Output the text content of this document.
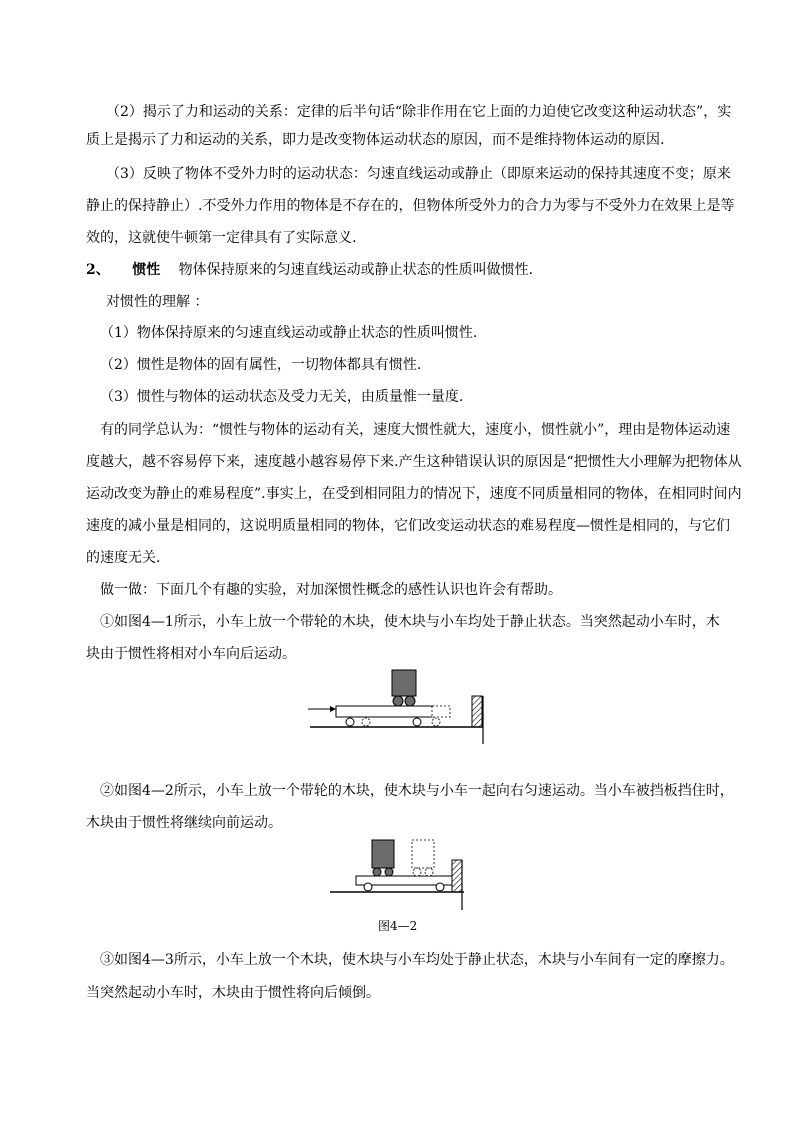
（2）揭示了力和运动的关系：定律的后半句话“除非作用在它上面的力迫使它改变这种运动状态”，实
质上是揭示了力和运动的关系，即力是改变物体运动状态的原因，而不是维持物体运动的原因.
（3）反映了物体不受外力时的运动状态：匀速直线运动或静止（即原来运动的保持其速度不变；原来
静止的保持静止）.不受外力作用的物体是不存在的，但物体所受外力的合力为零与不受外力在效果上是等
效的，这就使牛顿第一定律具有了实际意义.
2、 惯性 物体保持原来的匀速直线运动或静止状态的性质叫做惯性.
对惯性的理解 ：
（1）物体保持原来的匀速直线运动或静止状态的性质叫惯性.
（2）惯性是物体的固有属性，一切物体都具有惯性.
（3）惯性与物体的运动状态及受力无关，由质量惟一量度.
有的同学总认为：“惯性与物体的运动有关，速度大惯性就大，速度小，惯性就小”，理由是物体运动速
度越大，越不容易停下来，速度越小越容易停下来.产生这种错误认识的原因是“把惯性大小理解为把物体从
运动改变为静止的难易程度”.事实上，在受到相同阻力的情况下，速度不同质量相同的物体，在相同时间内
速度的减小量是相同的，这说明质量相同的物体，它们改变运动状态的难易程度—惯性是相同的，与它们
的速度无关.
做一做：下面几个有趣的实验，对加深惯性概念的感性认识也许会有帮助。
①如图4—1所示，小车上放一个带轮的木块，使木块与小车均处于静止状态。当突然起动小车时，木
块由于惯性将相对小车向后运动。
②如图4—2所示，小车上放一个带轮的木块，使木块与小车一起向右匀速运动。当小车被挡板挡住时，
木块由于惯性将继续向前运动。
图4—2
③如图4—3所示，小车上放一个木块，使木块与小车均处于静止状态，木块与小车间有一定的摩擦力。
当突然起动小车时，木块由于惯性将向后倾倒。
